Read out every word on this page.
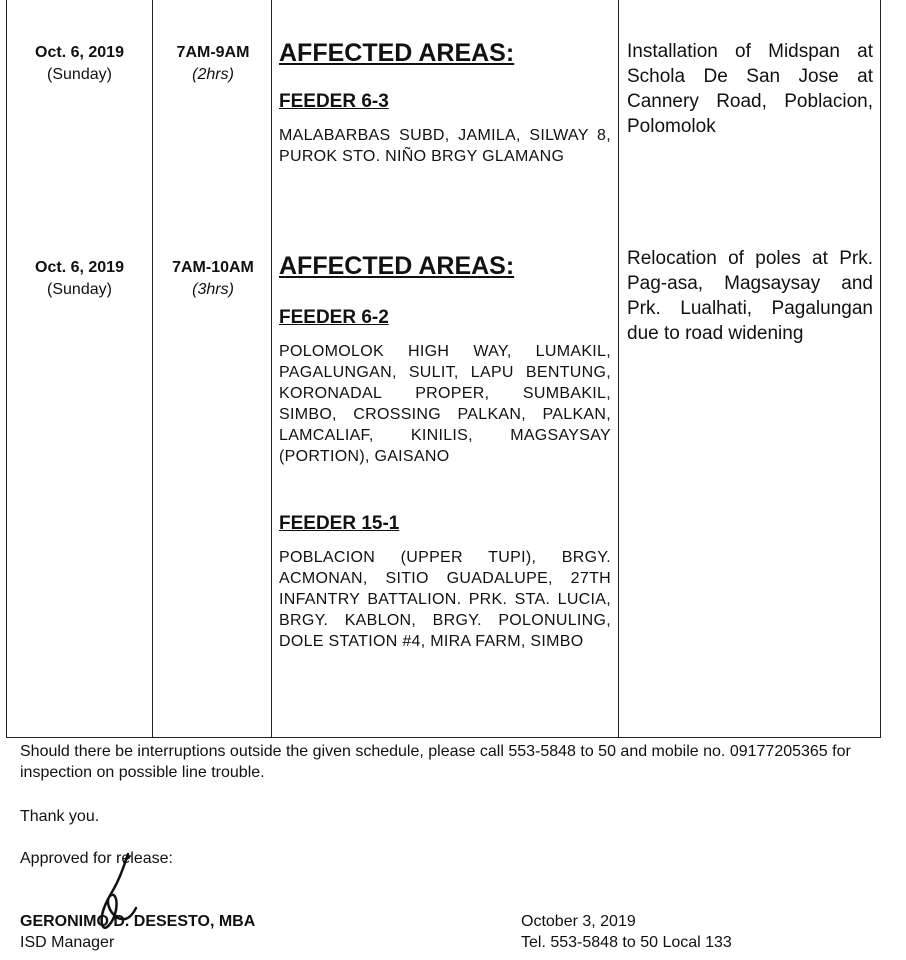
Oct. 6, 2019
(Sunday)
7AM-9AM
(2hrs)

AFFECTED AREAS:

FEEDER 6-3

MALABARBAS SUBD, JAMILA, SILWAY 8, PUROK STO. NIÑO BRGY GLAMANG

Installation of Midspan at Schola De San Jose at Cannery Road, Poblacion, Polomolok
Oct. 6, 2019
(Sunday)
7AM-10AM
(3hrs)

AFFECTED AREAS:

FEEDER 6-2

POLOMOLOK HIGH WAY, LUMAKIL, PAGALUNGAN, SULIT, LAPU BENTUNG, KORONADAL PROPER, SUMBAKIL, SIMBO, CROSSING PALKAN, PALKAN, LAMCALIAF, KINILIS, MAGSAYSAY (PORTION), GAISANO

FEEDER 15-1

POBLACION (UPPER TUPI), BRGY. ACMONAN, SITIO GUADALUPE, 27TH INFANTRY BATTALION. PRK. STA. LUCIA, BRGY. KABLON, BRGY. POLONULING, DOLE STATION #4, MIRA FARM, SIMBO

Relocation of poles at Prk. Pag-asa, Magsaysay and Prk. Lualhati, Pagalungan due to road widening

Should there be interruptions outside the given schedule, please call 553-5848 to 50 and mobile no. 09177205365 for inspection on possible line trouble.

Thank you.

Approved for release:

GERONIMO D. DESESTO, MBA

ISD Manager

October 3, 2019

Tel. 553-5848 to 50 Local 133
